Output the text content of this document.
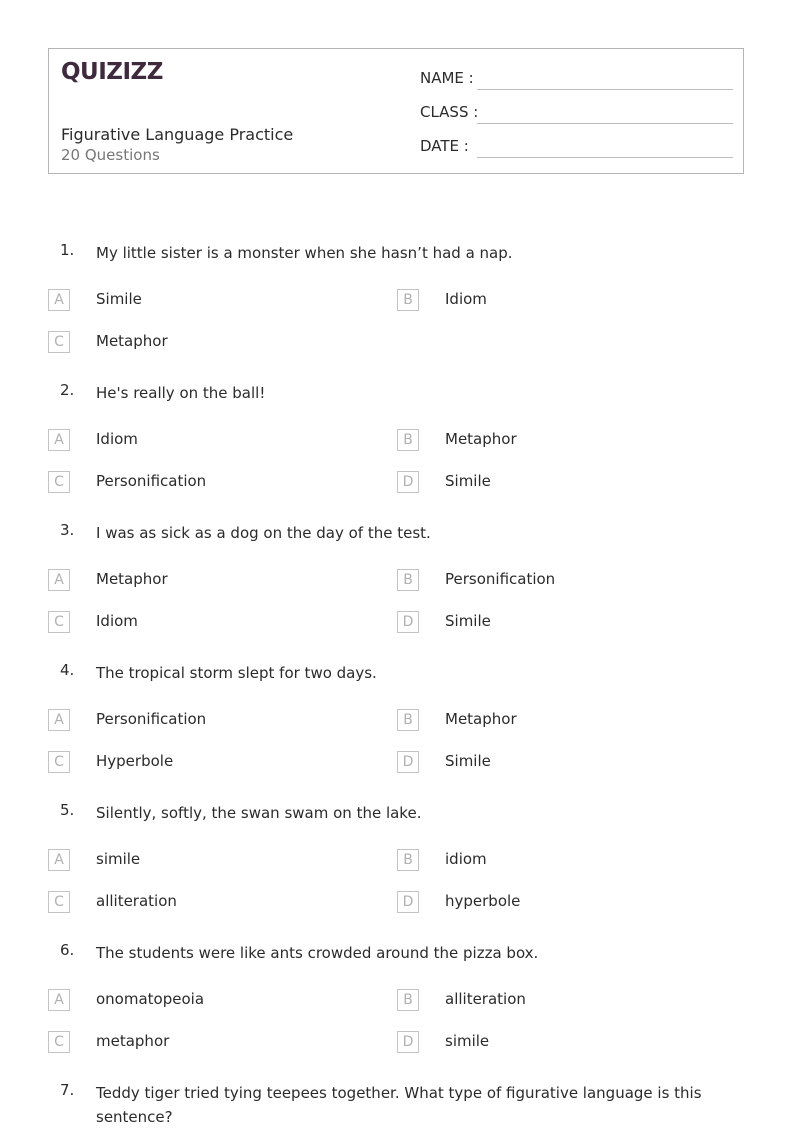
QUIZIZZ
Figurative Language Practice
20 Questions
NAME :
CLASS :
DATE :
1. My little sister is a monster when she hasn’t had a nap.
A	Simile	B	Idiom
C	Metaphor
2. He's really on the ball!
A	Idiom	B	Metaphor
C	Personification	D	Simile
3. I was as sick as a dog on the day of the test.
A	Metaphor	B	Personification
C	Idiom	D	Simile
4. The tropical storm slept for two days.
A	Personification	B	Metaphor
C	Hyperbole	D	Simile
5. Silently, softly, the swan swam on the lake.
A	simile	B	idiom
C	alliteration	D	hyperbole
6. The students were like ants crowded around the pizza box.
A	onomatopeoia	B	alliteration
C	metaphor	D	simile
7. Teddy tiger tried tying teepees together. What type of figurative language is this sentence?
